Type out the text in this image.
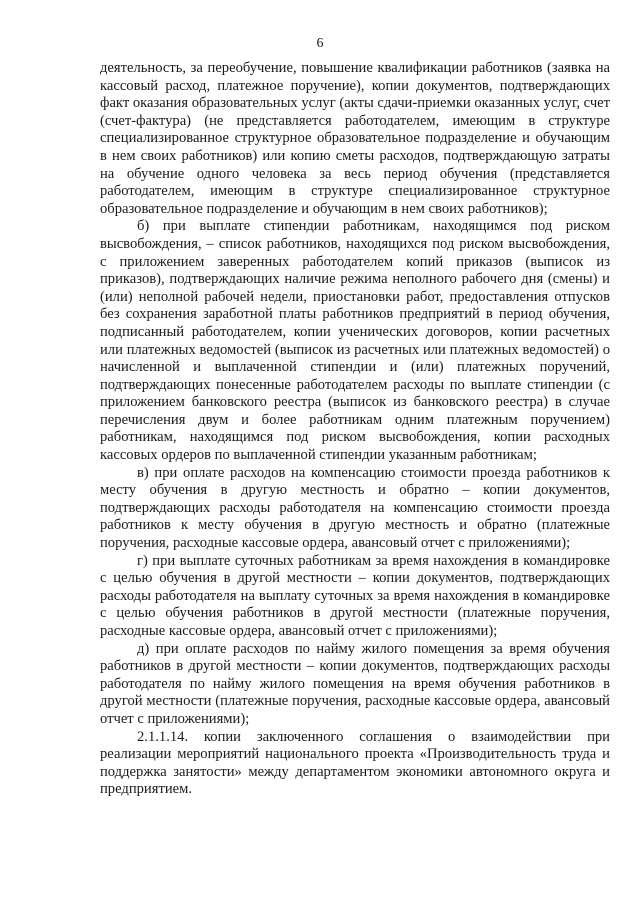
6

деятельность, за переобучение, повышение квалификации работников (заявка на кассовый расход, платежное поручение), копии документов, подтверждающих факт оказания образовательных услуг (акты сдачи-приемки оказанных услуг, счет (счет-фактура) (не представляется работодателем, имеющим в структуре специализированное структурное образовательное подразделение и обучающим в нем своих работников) или копию сметы расходов, подтверждающую затраты на обучение одного человека за весь период обучения (представляется работодателем, имеющим в структуре специализированное структурное образовательное подразделение и обучающим в нем своих работников);

б) при выплате стипендии работникам, находящимся под риском высвобождения, – список работников, находящихся под риском высвобождения, с приложением заверенных работодателем копий приказов (выписок из приказов), подтверждающих наличие режима неполного рабочего дня (смены) и (или) неполной рабочей недели, приостановки работ, предоставления отпусков без сохранения заработной платы работников предприятий в период обучения, подписанный работодателем, копии ученических договоров, копии расчетных или платежных ведомостей (выписок из расчетных или платежных ведомостей) о начисленной и выплаченной стипендии и (или) платежных поручений, подтверждающих понесенные работодателем расходы по выплате стипендии (с приложением банковского реестра (выписок из банковского реестра) в случае перечисления двум и более работникам одним платежным поручением) работникам, находящимся под риском высвобождения, копии расходных кассовых ордеров по выплаченной стипендии указанным работникам;

в) при оплате расходов на компенсацию стоимости проезда работников к месту обучения в другую местность и обратно – копии документов, подтверждающих расходы работодателя на компенсацию стоимости проезда работников к месту обучения в другую местность и обратно (платежные поручения, расходные кассовые ордера, авансовый отчет с приложениями);

г) при выплате суточных работникам за время нахождения в командировке с целью обучения в другой местности – копии документов, подтверждающих расходы работодателя на выплату суточных за время нахождения в командировке с целью обучения работников в другой местности (платежные поручения, расходные кассовые ордера, авансовый отчет с приложениями);

д) при оплате расходов по найму жилого помещения за время обучения работников в другой местности – копии документов, подтверждающих расходы работодателя по найму жилого помещения на время обучения работников в другой местности (платежные поручения, расходные кассовые ордера, авансовый отчет с приложениями);

2.1.1.14. копии заключенного соглашения о взаимодействии при реализации мероприятий национального проекта «Производительность труда и поддержка занятости» между департаментом экономики автономного округа и предприятием.
